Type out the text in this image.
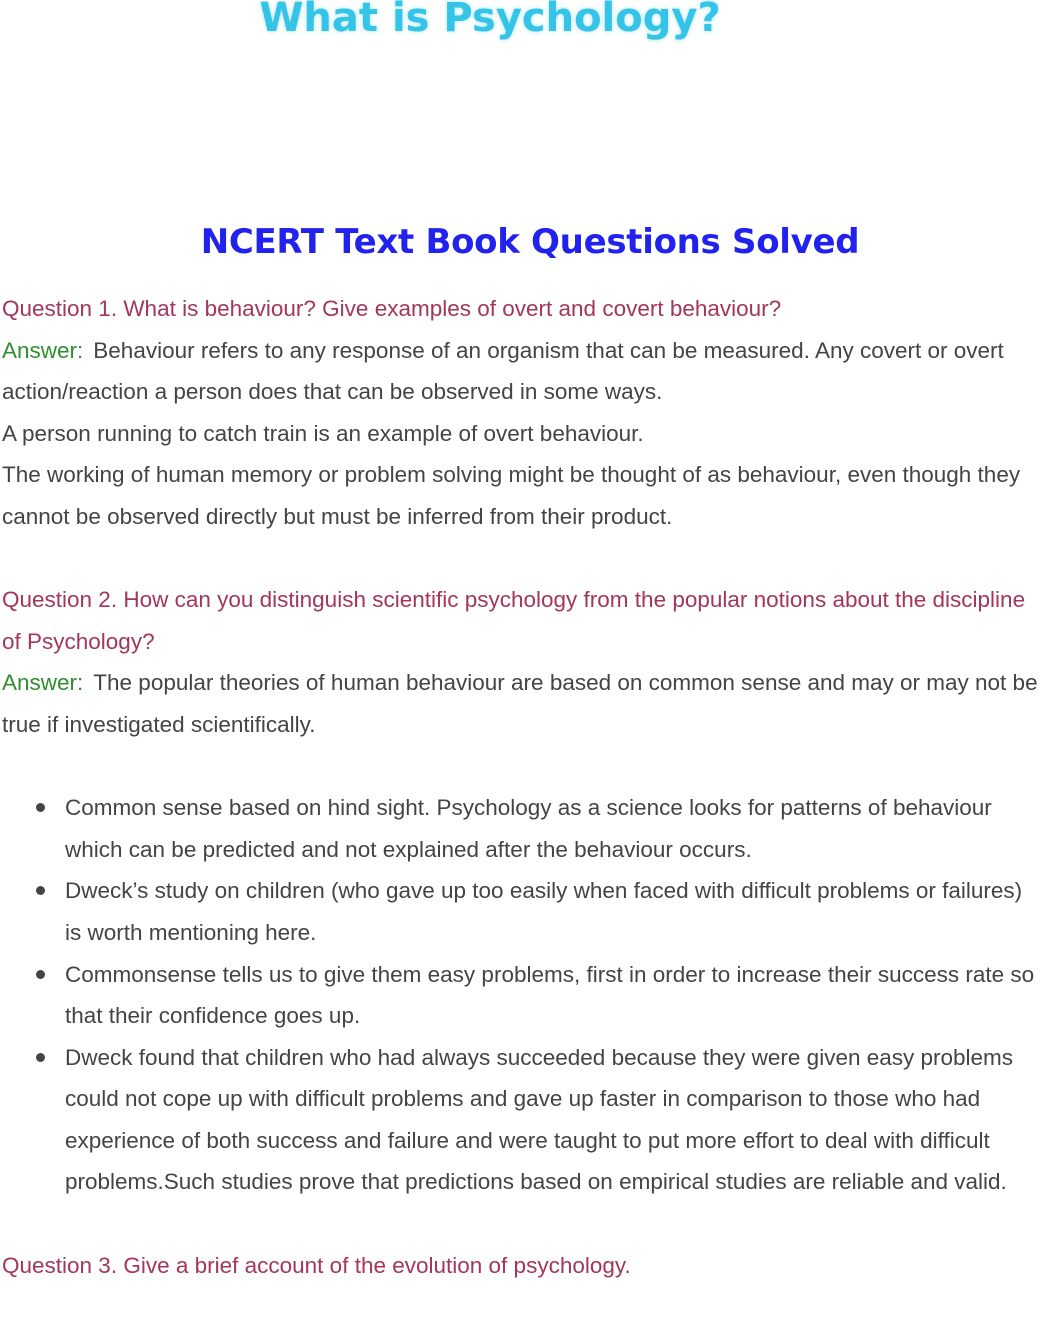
What is Psychology?
NCERT Text Book Questions Solved

Question 1. What is behaviour? Give examples of overt and covert behaviour?

Answer: Behaviour refers to any response of an organism that can be measured. Any covert or overt action/reaction a person does that can be observed in some ways.

A person running to catch train is an example of overt behaviour.

The working of human memory or problem solving might be thought of as behaviour, even though they cannot be observed directly but must be inferred from their product.

Question 2. How can you distinguish scientific psychology from the popular notions about the discipline of Psychology?

Answer: The popular theories of human behaviour are based on common sense and may or may not be true if investigated scientifically.

Common sense based on hind sight. Psychology as a science looks for patterns of behaviour which can be predicted and not explained after the behaviour occurs.
Dweck’s study on children (who gave up too easily when faced with difficult problems or failures) is worth mentioning here.
Commonsense tells us to give them easy problems, first in order to increase their success rate so that their confidence goes up.
Dweck found that children who had always succeeded because they were given easy problems could not cope up with difficult problems and gave up faster in comparison to those who had experience of both success and failure and were taught to put more effort to deal with difficult problems.Such studies prove that predictions based on empirical studies are reliable and valid.

Question 3. Give a brief account of the evolution of psychology.
